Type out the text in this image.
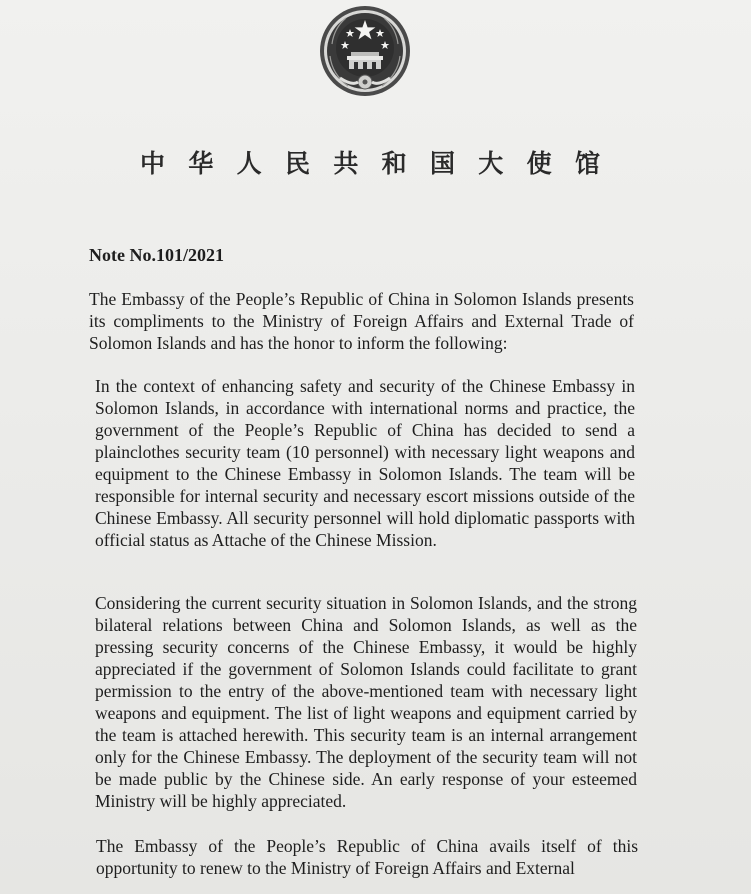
中 华 人 民 共 和 国 大 使 馆

Note No.101/2021

The Embassy of the People’s Republic of China in Solomon Islands presents its compliments to the Ministry of Foreign Affairs and External Trade of Solomon Islands and has the honor to inform the following:

In the context of enhancing safety and security of the Chinese Embassy in Solomon Islands, in accordance with international norms and practice, the government of the People’s Republic of China has decided to send a plainclothes security team (10 personnel) with necessary light weapons and equipment to the Chinese Embassy in Solomon Islands. The team will be responsible for internal security and necessary escort missions outside of the Chinese Embassy. All security personnel will hold diplomatic passports with official status as Attache of the Chinese Mission.

Considering the current security situation in Solomon Islands, and the strong bilateral relations between China and Solomon Islands, as well as the pressing security concerns of the Chinese Embassy, it would be highly appreciated if the government of Solomon Islands could facilitate to grant permission to the entry of the above-mentioned team with necessary light weapons and equipment. The list of light weapons and equipment carried by the team is attached herewith. This security team is an internal arrangement only for the Chinese Embassy. The deployment of the security team will not be made public by the Chinese side. An early response of your esteemed Ministry will be highly appreciated.

The Embassy of the People’s Republic of China avails itself of this opportunity to renew to the Ministry of Foreign Affairs and External
